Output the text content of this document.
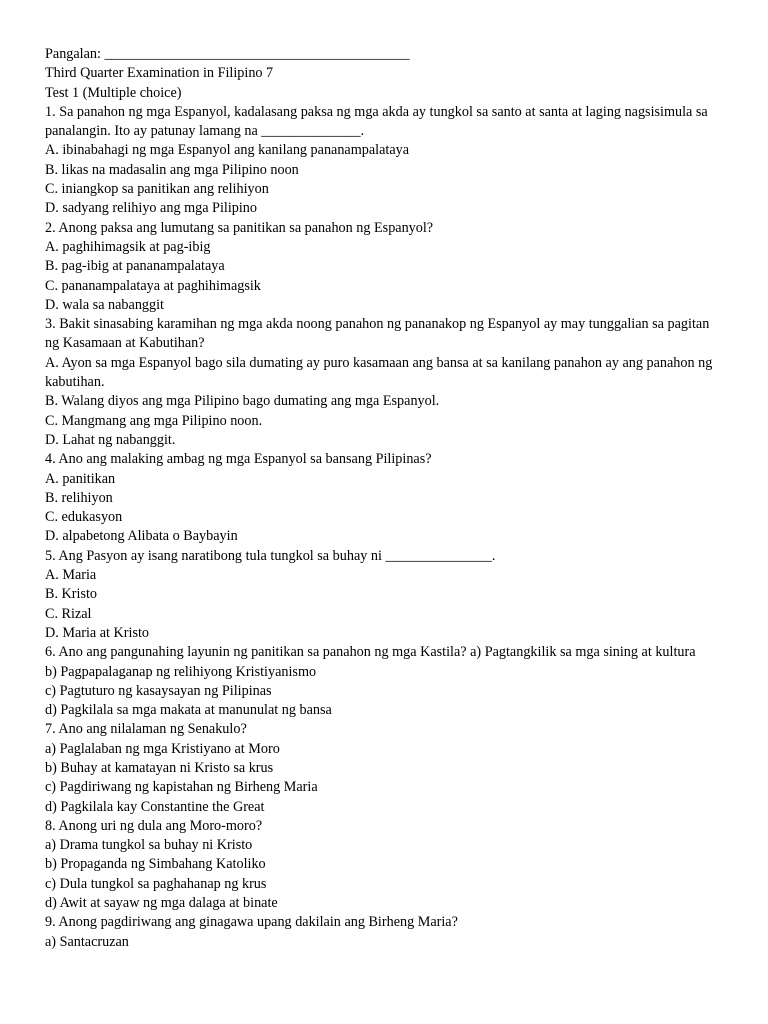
Pangalan: ___________________________________________

Third Quarter Examination in Filipino 7

Test 1 (Multiple choice)

1. Sa panahon ng mga Espanyol, kadalasang paksa ng mga akda ay tungkol sa santo at santa at laging nagsisimula sa panalangin. Ito ay patunay lamang na ______________.

A. ibinabahagi ng mga Espanyol ang kanilang pananampalataya

B. likas na madasalin ang mga Pilipino noon

C. iniangkop sa panitikan ang relihiyon

D. sadyang relihiyo ang mga Pilipino

2. Anong paksa ang lumutang sa panitikan sa panahon ng Espanyol?

A. paghihimagsik at pag-ibig

B. pag-ibig at pananampalataya

C. pananampalataya at paghihimagsik

D. wala sa nabanggit

3. Bakit sinasabing karamihan ng mga akda noong panahon ng pananakop ng Espanyol ay may tunggalian sa pagitan ng Kasamaan at Kabutihan?

A. Ayon sa mga Espanyol bago sila dumating ay puro kasamaan ang bansa at sa kanilang panahon ay ang panahon ng kabutihan.

B. Walang diyos ang mga Pilipino bago dumating ang mga Espanyol.

C. Mangmang ang mga Pilipino noon.

D. Lahat ng nabanggit.

4. Ano ang malaking ambag ng mga Espanyol sa bansang Pilipinas?

A. panitikan

B. relihiyon

C. edukasyon

D. alpabetong Alibata o Baybayin

5. Ang Pasyon ay isang naratibong tula tungkol sa buhay ni _______________.

A. Maria

B. Kristo

C. Rizal

D. Maria at Kristo

6. Ano ang pangunahing layunin ng panitikan sa panahon ng mga Kastila? a) Pagtangkilik sa mga sining at kultura

b) Pagpapalaganap ng relihiyong Kristiyanismo

c) Pagtuturo ng kasaysayan ng Pilipinas

d) Pagkilala sa mga makata at manunulat ng bansa

7. Ano ang nilalaman ng Senakulo?

a) Paglalaban ng mga Kristiyano at Moro

b) Buhay at kamatayan ni Kristo sa krus

c) Pagdiriwang ng kapistahan ng Birheng Maria

d) Pagkilala kay Constantine the Great

8. Anong uri ng dula ang Moro-moro?

a) Drama tungkol sa buhay ni Kristo

b) Propaganda ng Simbahang Katoliko

c) Dula tungkol sa paghahanap ng krus

d) Awit at sayaw ng mga dalaga at binate

9. Anong pagdiriwang ang ginagawa upang dakilain ang Birheng Maria?

a) Santacruzan
